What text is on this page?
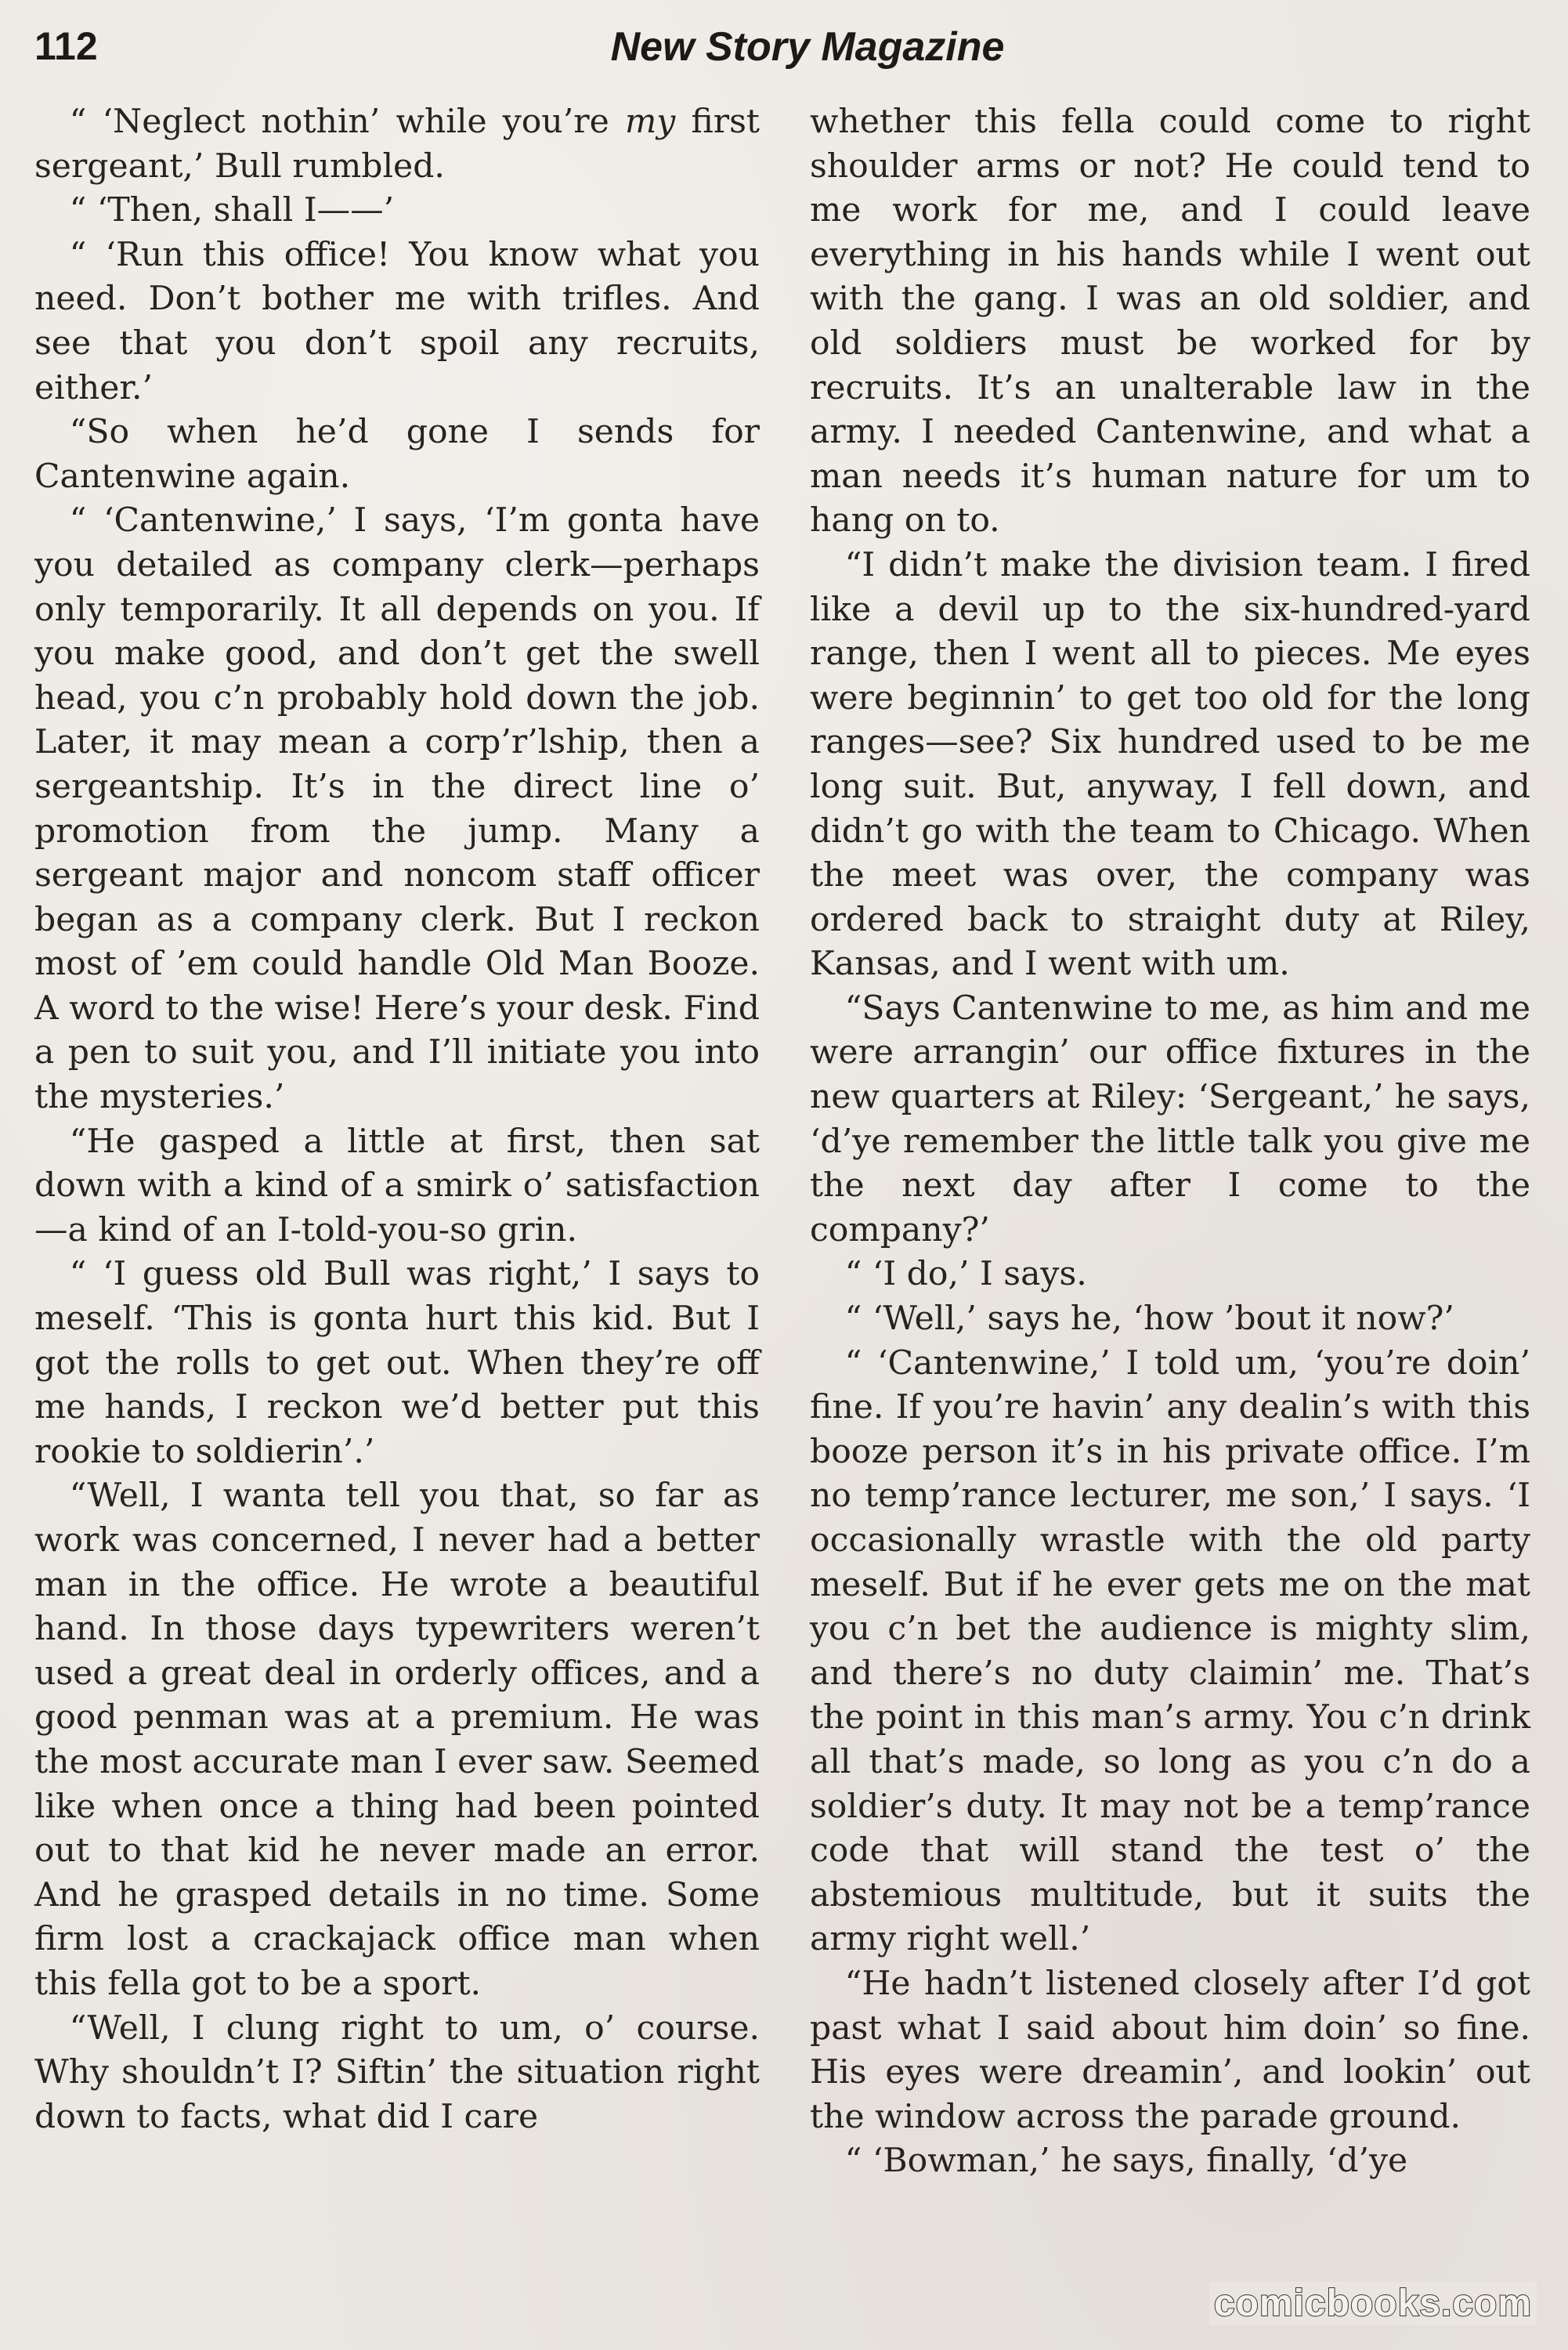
112	New Story Magazine

“ ‘Neglect nothin’ while you’re my first sergeant,’ Bull rumbled.

“ ‘Then, shall I——’

“ ‘Run this office! You know what you need. Don’t bother me with trifles. And see that you don’t spoil any recruits, either.’

“So when he’d gone I sends for Cantenwine again.

“ ‘Cantenwine,’ I says, ‘I’m gonta have you detailed as company clerk—perhaps only temporarily. It all depends on you. If you make good, and don’t get the swell head, you c’n probably hold down the job. Later, it may mean a corp’r’lship, then a sergeantship. It’s in the direct line o’ promotion from the jump. Many a sergeant major and noncom staff officer began as a company clerk. But I reckon most of ’em could handle Old Man Booze. A word to the wise! Here’s your desk. Find a pen to suit you, and I’ll initiate you into the mysteries.’

“He gasped a little at first, then sat down with a kind of a smirk o’ satisfaction—a kind of an I-told-you-so grin.

“ ‘I guess old Bull was right,’ I says to meself. ‘This is gonta hurt this kid. But I got the rolls to get out. When they’re off me hands, I reckon we’d better put this rookie to soldierin’.’

“Well, I wanta tell you that, so far as work was concerned, I never had a better man in the office. He wrote a beautiful hand. In those days typewriters weren’t used a great deal in orderly offices, and a good penman was at a premium. He was the most accurate man I ever saw. Seemed like when once a thing had been pointed out to that kid he never made an error. And he grasped details in no time. Some firm lost a crackajack office man when this fella got to be a sport.

“Well, I clung right to um, o’ course. Why shouldn’t I? Siftin’ the situation right down to facts, what did I care

whether this fella could come to right shoulder arms or not? He could tend to me work for me, and I could leave everything in his hands while I went out with the gang. I was an old soldier, and old soldiers must be worked for by recruits. It’s an unalterable law in the army. I needed Cantenwine, and what a man needs it’s human nature for um to hang on to.

“I didn’t make the division team. I fired like a devil up to the six-hundred-yard range, then I went all to pieces. Me eyes were beginnin’ to get too old for the long ranges—see? Six hundred used to be me long suit. But, anyway, I fell down, and didn’t go with the team to Chicago. When the meet was over, the company was ordered back to straight duty at Riley, Kansas, and I went with um.

“Says Cantenwine to me, as him and me were arrangin’ our office fixtures in the new quarters at Riley: ‘Sergeant,’ he says, ‘d’ye remember the little talk you give me the next day after I come to the company?’

“ ‘I do,’ I says.

“ ‘Well,’ says he, ‘how ’bout it now?’

“ ‘Cantenwine,’ I told um, ‘you’re doin’ fine. If you’re havin’ any dealin’s with this booze person it’s in his private office. I’m no temp’rance lecturer, me son,’ I says. ‘I occasionally wrastle with the old party meself. But if he ever gets me on the mat you c’n bet the audience is mighty slim, and there’s no duty claimin’ me. That’s the point in this man’s army. You c’n drink all that’s made, so long as you c’n do a soldier’s duty. It may not be a temp’rance code that will stand the test o’ the abstemious multitude, but it suits the army right well.’

“He hadn’t listened closely after I’d got past what I said about him doin’ so fine. His eyes were dreamin’, and lookin’ out the window across the parade ground.

“ ‘Bowman,’ he says, finally, ‘d’ye

comicbooks.com
